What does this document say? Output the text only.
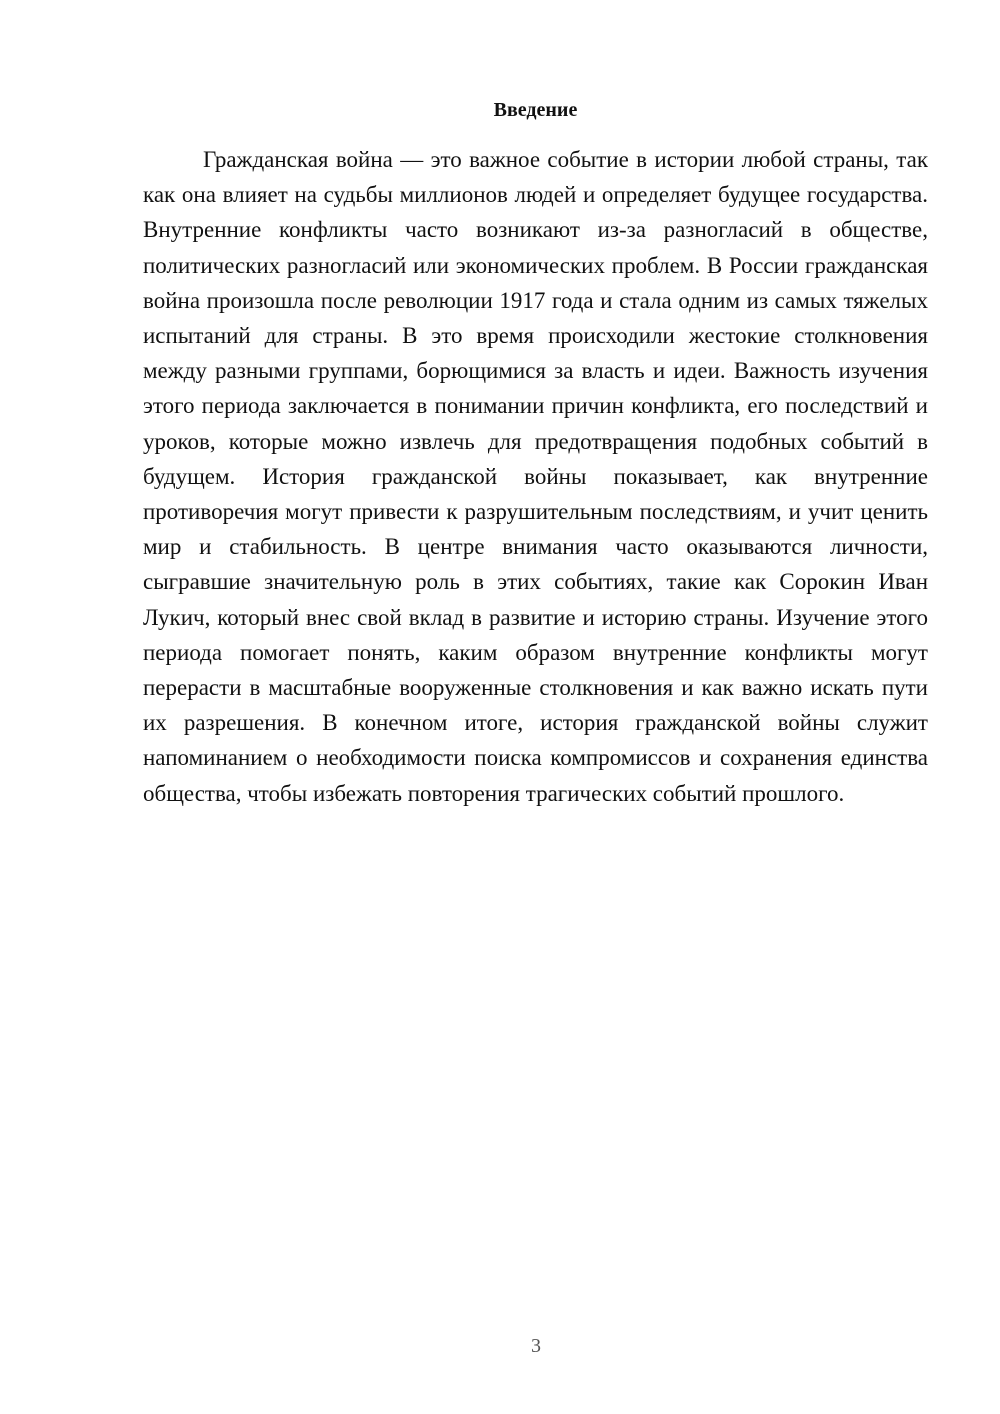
Введение

Гражданская война — это важное событие в истории любой страны, так как она влияет на судьбы миллионов людей и определяет будущее государства. Внутренние конфликты часто возникают из-за разногласий в обществе, политических разногласий или экономических проблем. В России гражданская война произошла после революции 1917 года и стала одним из самых тяжелых испытаний для страны. В это время происходили жестокие столкновения между разными группами, борющимися за власть и идеи. Важность изучения этого периода заключается в понимании причин конфликта, его последствий и уроков, которые можно извлечь для предотвращения подобных событий в будущем. История гражданской войны показывает, как внутренние противоречия могут привести к разрушительным последствиям, и учит ценить мир и стабильность. В центре внимания часто оказываются личности, сыгравшие значительную роль в этих событиях, такие как Сорокин Иван Лукич, который внес свой вклад в развитие и историю страны. Изучение этого периода помогает понять, каким образом внутренние конфликты могут перерасти в масштабные вооруженные столкновения и как важно искать пути их разрешения. В конечном итоге, история гражданской войны служит напоминанием о необходимости поиска компромиссов и сохранения единства общества, чтобы избежать повторения трагических событий прошлого.

3
